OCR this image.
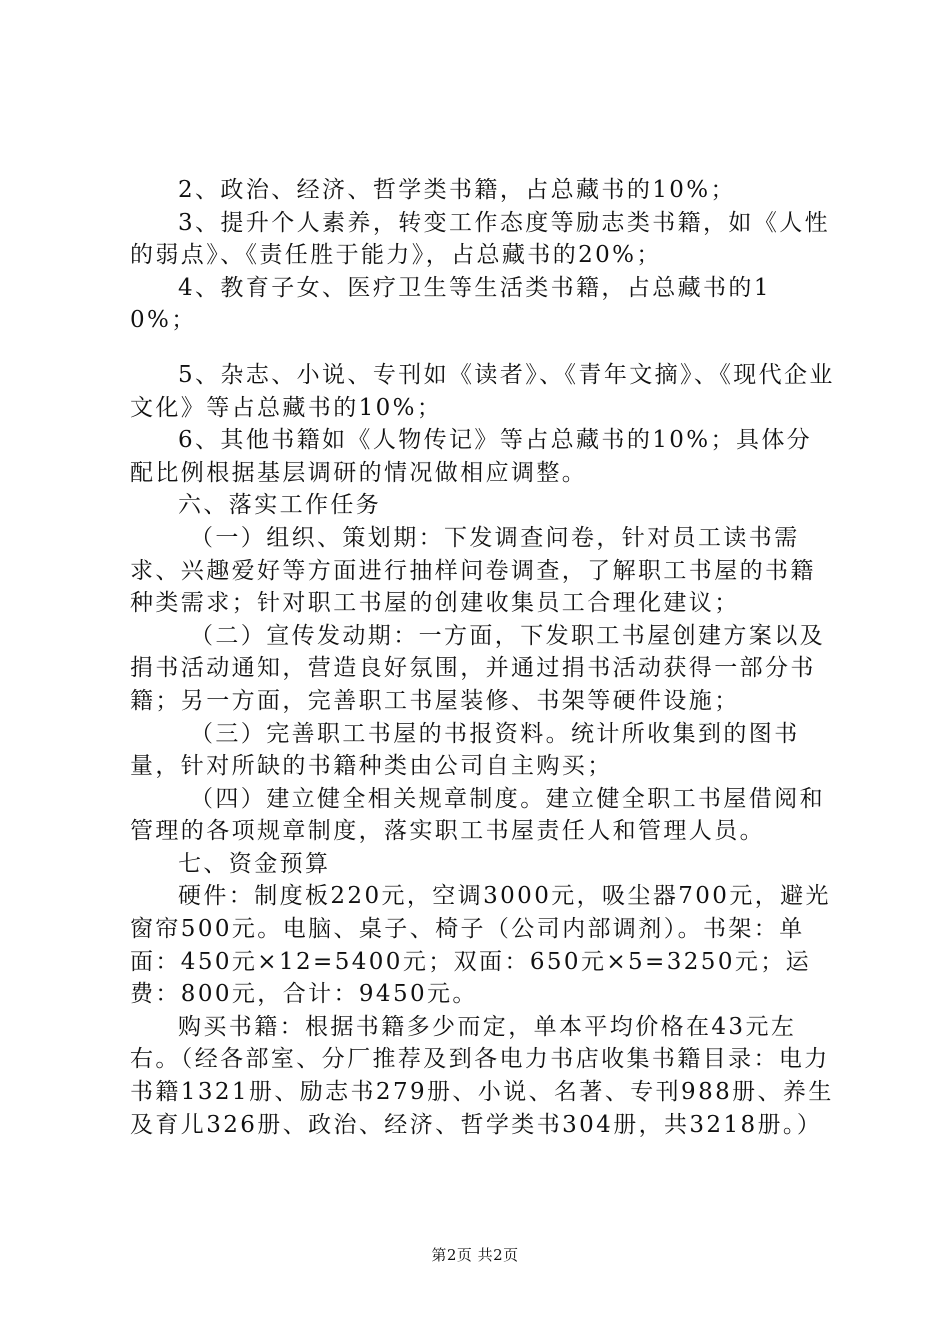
2、政治、经济、哲学类书籍，占总藏书的10%；

3、提升个人素养，转变工作态度等励志类书籍，如《人性的弱点》、《责任胜于能力》，占总藏书的20%；

4、教育子女、医疗卫生等生活类书籍，占总藏书的10%；

5、杂志、小说、专刊如《读者》、《青年文摘》、《现代企业文化》等占总藏书的10%；

6、其他书籍如《人物传记》等占总藏书的10%；具体分配比例根据基层调研的情况做相应调整。

六、落实工作任务

（一）组织、策划期：下发调查问卷，针对员工读书需求、兴趣爱好等方面进行抽样问卷调查，了解职工书屋的书籍种类需求；针对职工书屋的创建收集员工合理化建议；

（二）宣传发动期：一方面，下发职工书屋创建方案以及捐书活动通知，营造良好氛围，并通过捐书活动获得一部分书籍；另一方面，完善职工书屋装修、书架等硬件设施；

（三）完善职工书屋的书报资料。统计所收集到的图书量，针对所缺的书籍种类由公司自主购买；

（四）建立健全相关规章制度。建立健全职工书屋借阅和管理的各项规章制度，落实职工书屋责任人和管理人员。

七、资金预算

硬件：制度板220元，空调3000元，吸尘器700元，避光窗帘500元。电脑、桌子、椅子（公司内部调剂）。书架：单面：450元×12=5400元；双面：650元×5=3250元；运费：800元，合计：9450元。

购买书籍：根据书籍多少而定，单本平均价格在43元左右。（经各部室、分厂推荐及到各电力书店收集书籍目录：电力书籍1321册、励志书279册、小说、名著、专刊988册、养生及育儿326册、政治、经济、哲学类书304册，共3218册。）

第2页 共2页
